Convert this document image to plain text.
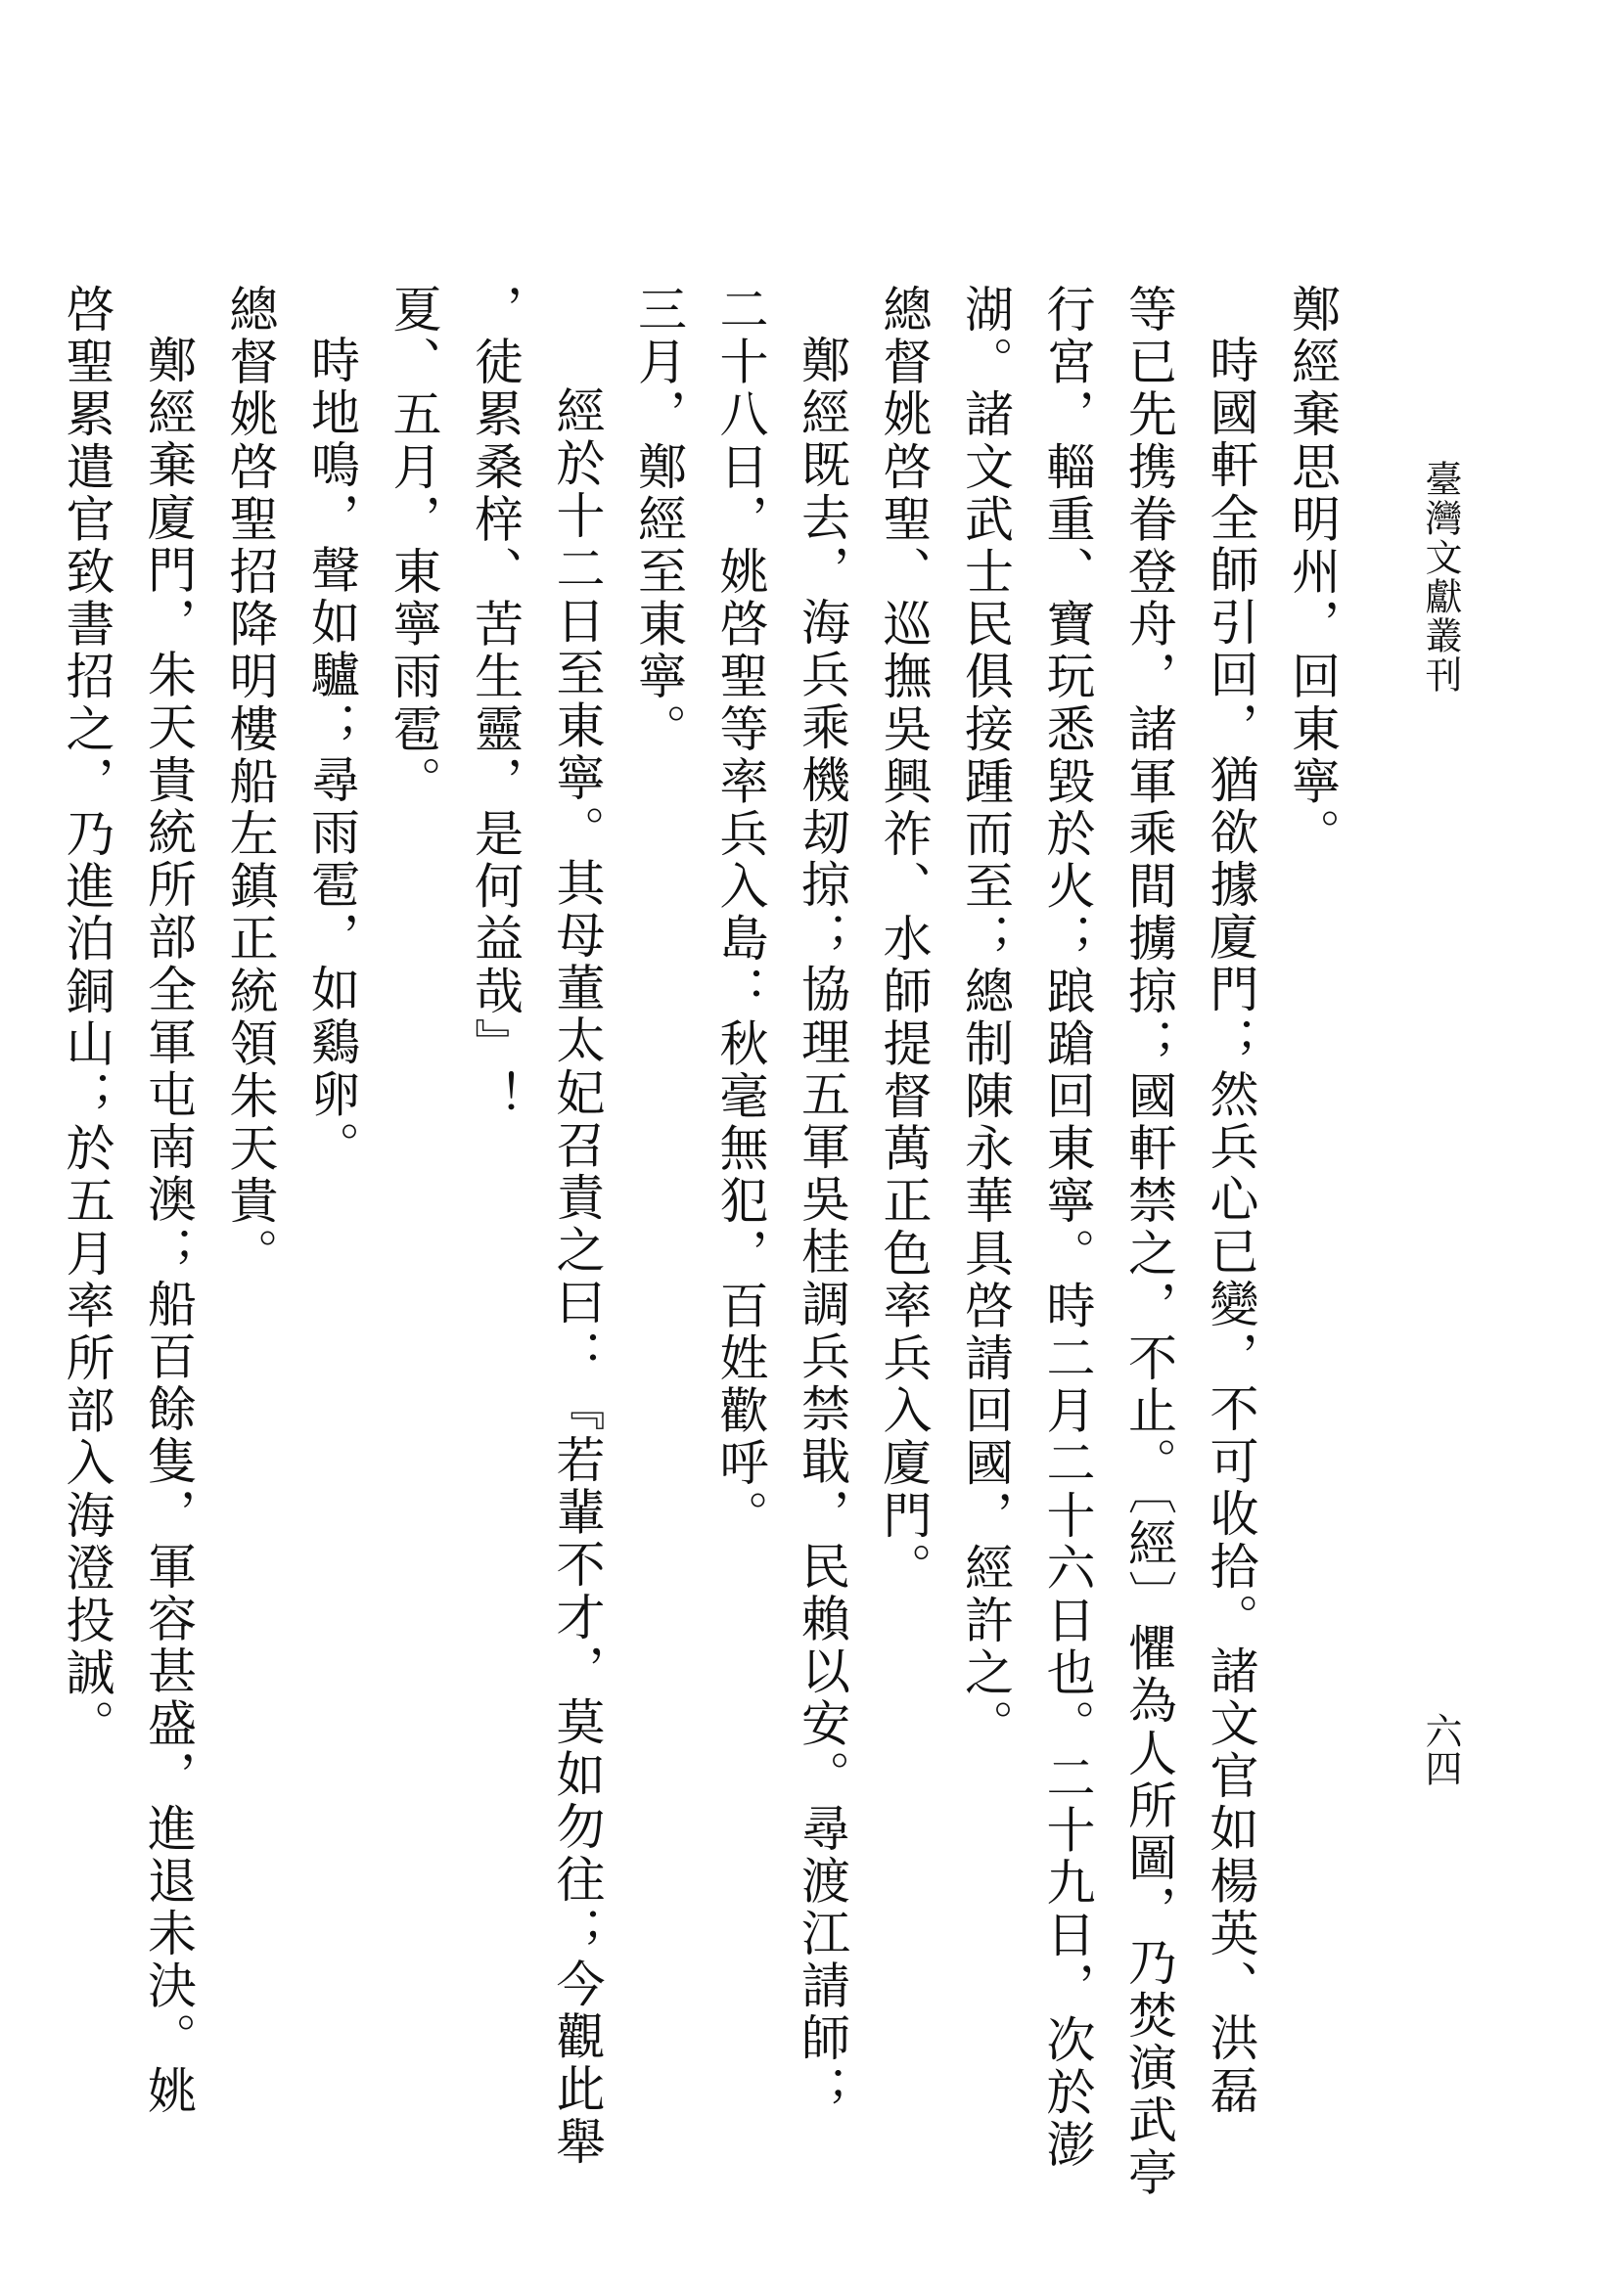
臺灣文獻叢刊
六四
鄭經棄思明州，回東寧。
時國軒全師引回，猶欲據廈門；然兵心已變，不可收拾。諸文官如楊英、洪磊
等已先携眷登舟，諸軍乘間擄掠；國軒禁之，不止。〔經〕懼為人所圖，乃焚演武亭
行宮，輜重、寶玩悉毀於火；踉蹌回東寧。時二月二十六日也。二十九日，次於澎
湖。諸文武士民俱接踵而至；總制陳永華具啓請回國，經許之。
總督姚啓聖、巡撫吳興祚、水師提督萬正色率兵入廈門。
鄭經既去，海兵乘機刼掠；協理五軍吳桂調兵禁戢，民賴以安。尋渡江請師；
二十八日，姚啓聖等率兵入島：秋毫無犯，百姓歡呼。
三月，鄭經至東寧。
經於十二日至東寧。其母董太妃召責之曰：『若輩不才，莫如勿往；今觀此舉
，徒累桑梓、苦生靈，是何益哉』！
夏、五月，東寧雨雹。
時地鳴，聲如驢；尋雨雹，如鷄卵。
總督姚啓聖招降明樓船左鎮正統領朱天貴。
鄭經棄廈門，朱天貴統所部全軍屯南澳；船百餘隻，軍容甚盛，進退未決。姚
啓聖累遣官致書招之，乃進泊銅山；於五月率所部入海澄投誠。
